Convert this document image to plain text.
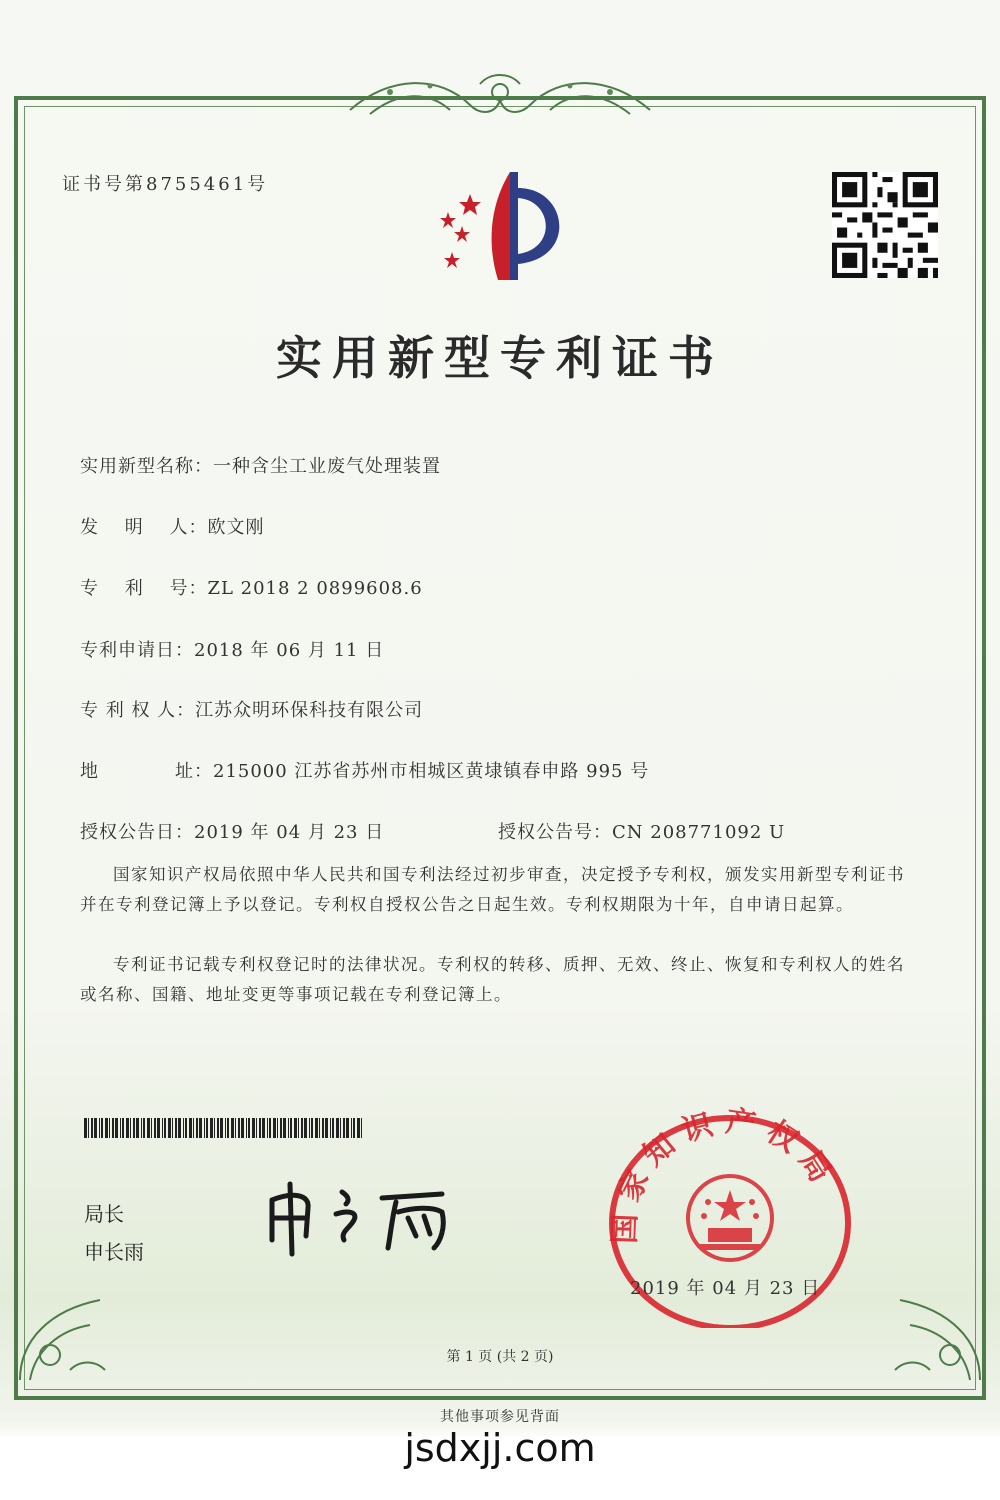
证书号第8755461号
实用新型专利证书
实用新型名称：一种含尘工业废气处理装置
发　 明　 人：欧文刚
专　 利　 号：ZL 2018 2 0899608.6
专利申请日：2018 年 06 月 11 日
专 利 权 人：江苏众明环保科技有限公司
地　　　　址：215000 江苏省苏州市相城区黄埭镇春申路 995 号
授权公告日：2019 年 04 月 23 日	授权公告号：CN 208771092 U
国家知识产权局依照中华人民共和国专利法经过初步审查，决定授予专利权，颁发实用新型专利证书并在专利登记簿上予以登记。专利权自授权公告之日起生效。专利权期限为十年，自申请日起算。
专利证书记载专利权登记时的法律状况。专利权的转移、质押、无效、终止、恢复和专利权人的姓名或名称、国籍、地址变更等事项记载在专利登记簿上。
局长
申长雨
国家知识产权局
2019 年 04 月 23 日
第 1 页 (共 2 页)
其他事项参见背面
jsdxjj.com
